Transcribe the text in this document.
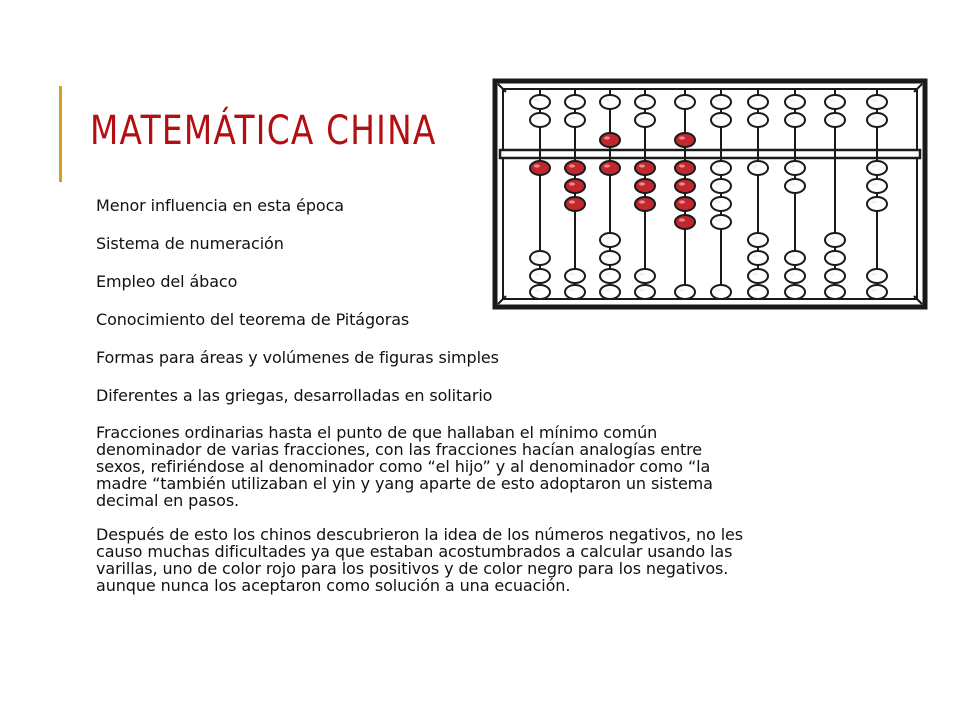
MATEMÁTICA CHINA
Menor influencia en esta época
Sistema de numeración
Empleo del ábaco
Conocimiento del teorema de Pitágoras
Formas para áreas y volúmenes de figuras simples
Diferentes a las griegas, desarrolladas en solitario
Fracciones ordinarias hasta el punto de que hallaban el mínimo común
denominador de varias fracciones, con las fracciones hacían analogías entre
sexos, refiriéndose al denominador como “el hijo” y al denominador como “la
madre “también utilizaban el yin y yang aparte de esto adoptaron un sistema
decimal en pasos.
Después de esto los chinos descubrieron la idea de los números negativos, no les
causo muchas dificultades ya que estaban acostumbrados a calcular usando las
varillas, uno de color rojo para los positivos y de color negro para los negativos.
aunque nunca los aceptaron como solución a una ecuación.
